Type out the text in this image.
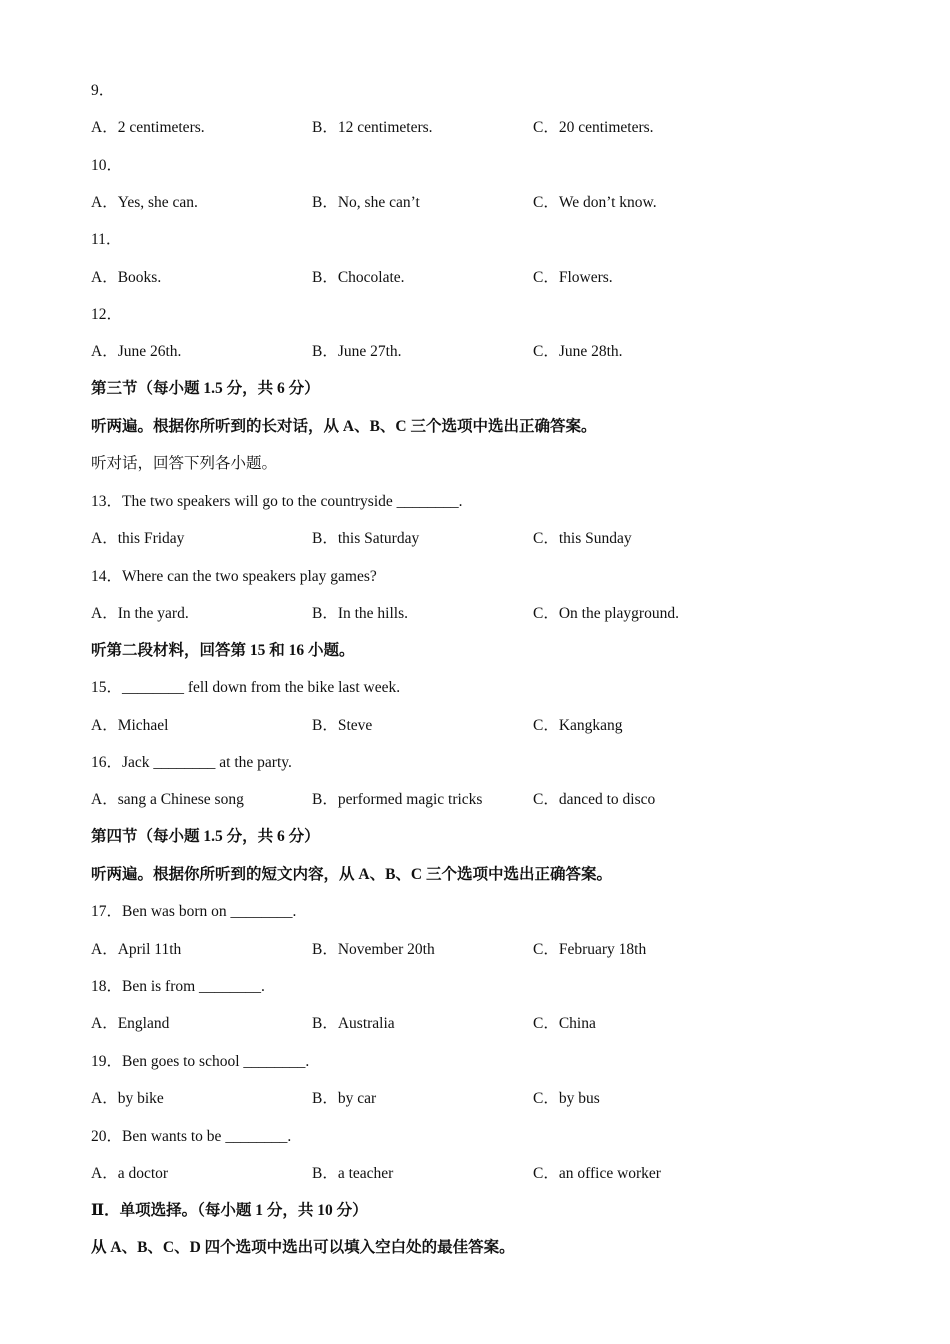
9．
A．2 centimeters.	B．12 centimeters.	C．20 centimeters.
10．
A．Yes, she can.	B．No, she can’t	C．We don’t know.
11．
A．Books.	B．Chocolate.	C．Flowers.
12．
A．June 26th.	B．June 27th.	C．June 28th.
第三节（每小题 1.5 分，共 6 分）
听两遍。根据你所听到的长对话，从 A、B、C 三个选项中选出正确答案。
听对话，回答下列各小题。
13．The two speakers will go to the countryside ________.
A．this Friday	B．this Saturday	C．this Sunday
14．Where can the two speakers play games?
A．In the yard.	B．In the hills.	C．On the playground.
听第二段材料，回答第 15 和 16 小题。
15．________ fell down from the bike last week.
A．Michael	B．Steve	C．Kangkang
16．Jack ________ at the party.
A．sang a Chinese song	B．performed magic tricks	C．danced to disco
第四节（每小题 1.5 分，共 6 分）
听两遍。根据你所听到的短文内容，从 A、B、C 三个选项中选出正确答案。
17．Ben was born on ________.
A．April 11th	B．November 20th	C．February 18th
18．Ben is from ________.
A．England	B．Australia	C．China
19．Ben goes to school ________.
A．by bike	B．by car	C．by bus
20．Ben wants to be ________.
A．a doctor	B．a teacher	C．an office worker
Ⅱ．单项选择。（每小题 1 分，共 10 分）
从 A、B、C、D 四个选项中选出可以填入空白处的最佳答案。
